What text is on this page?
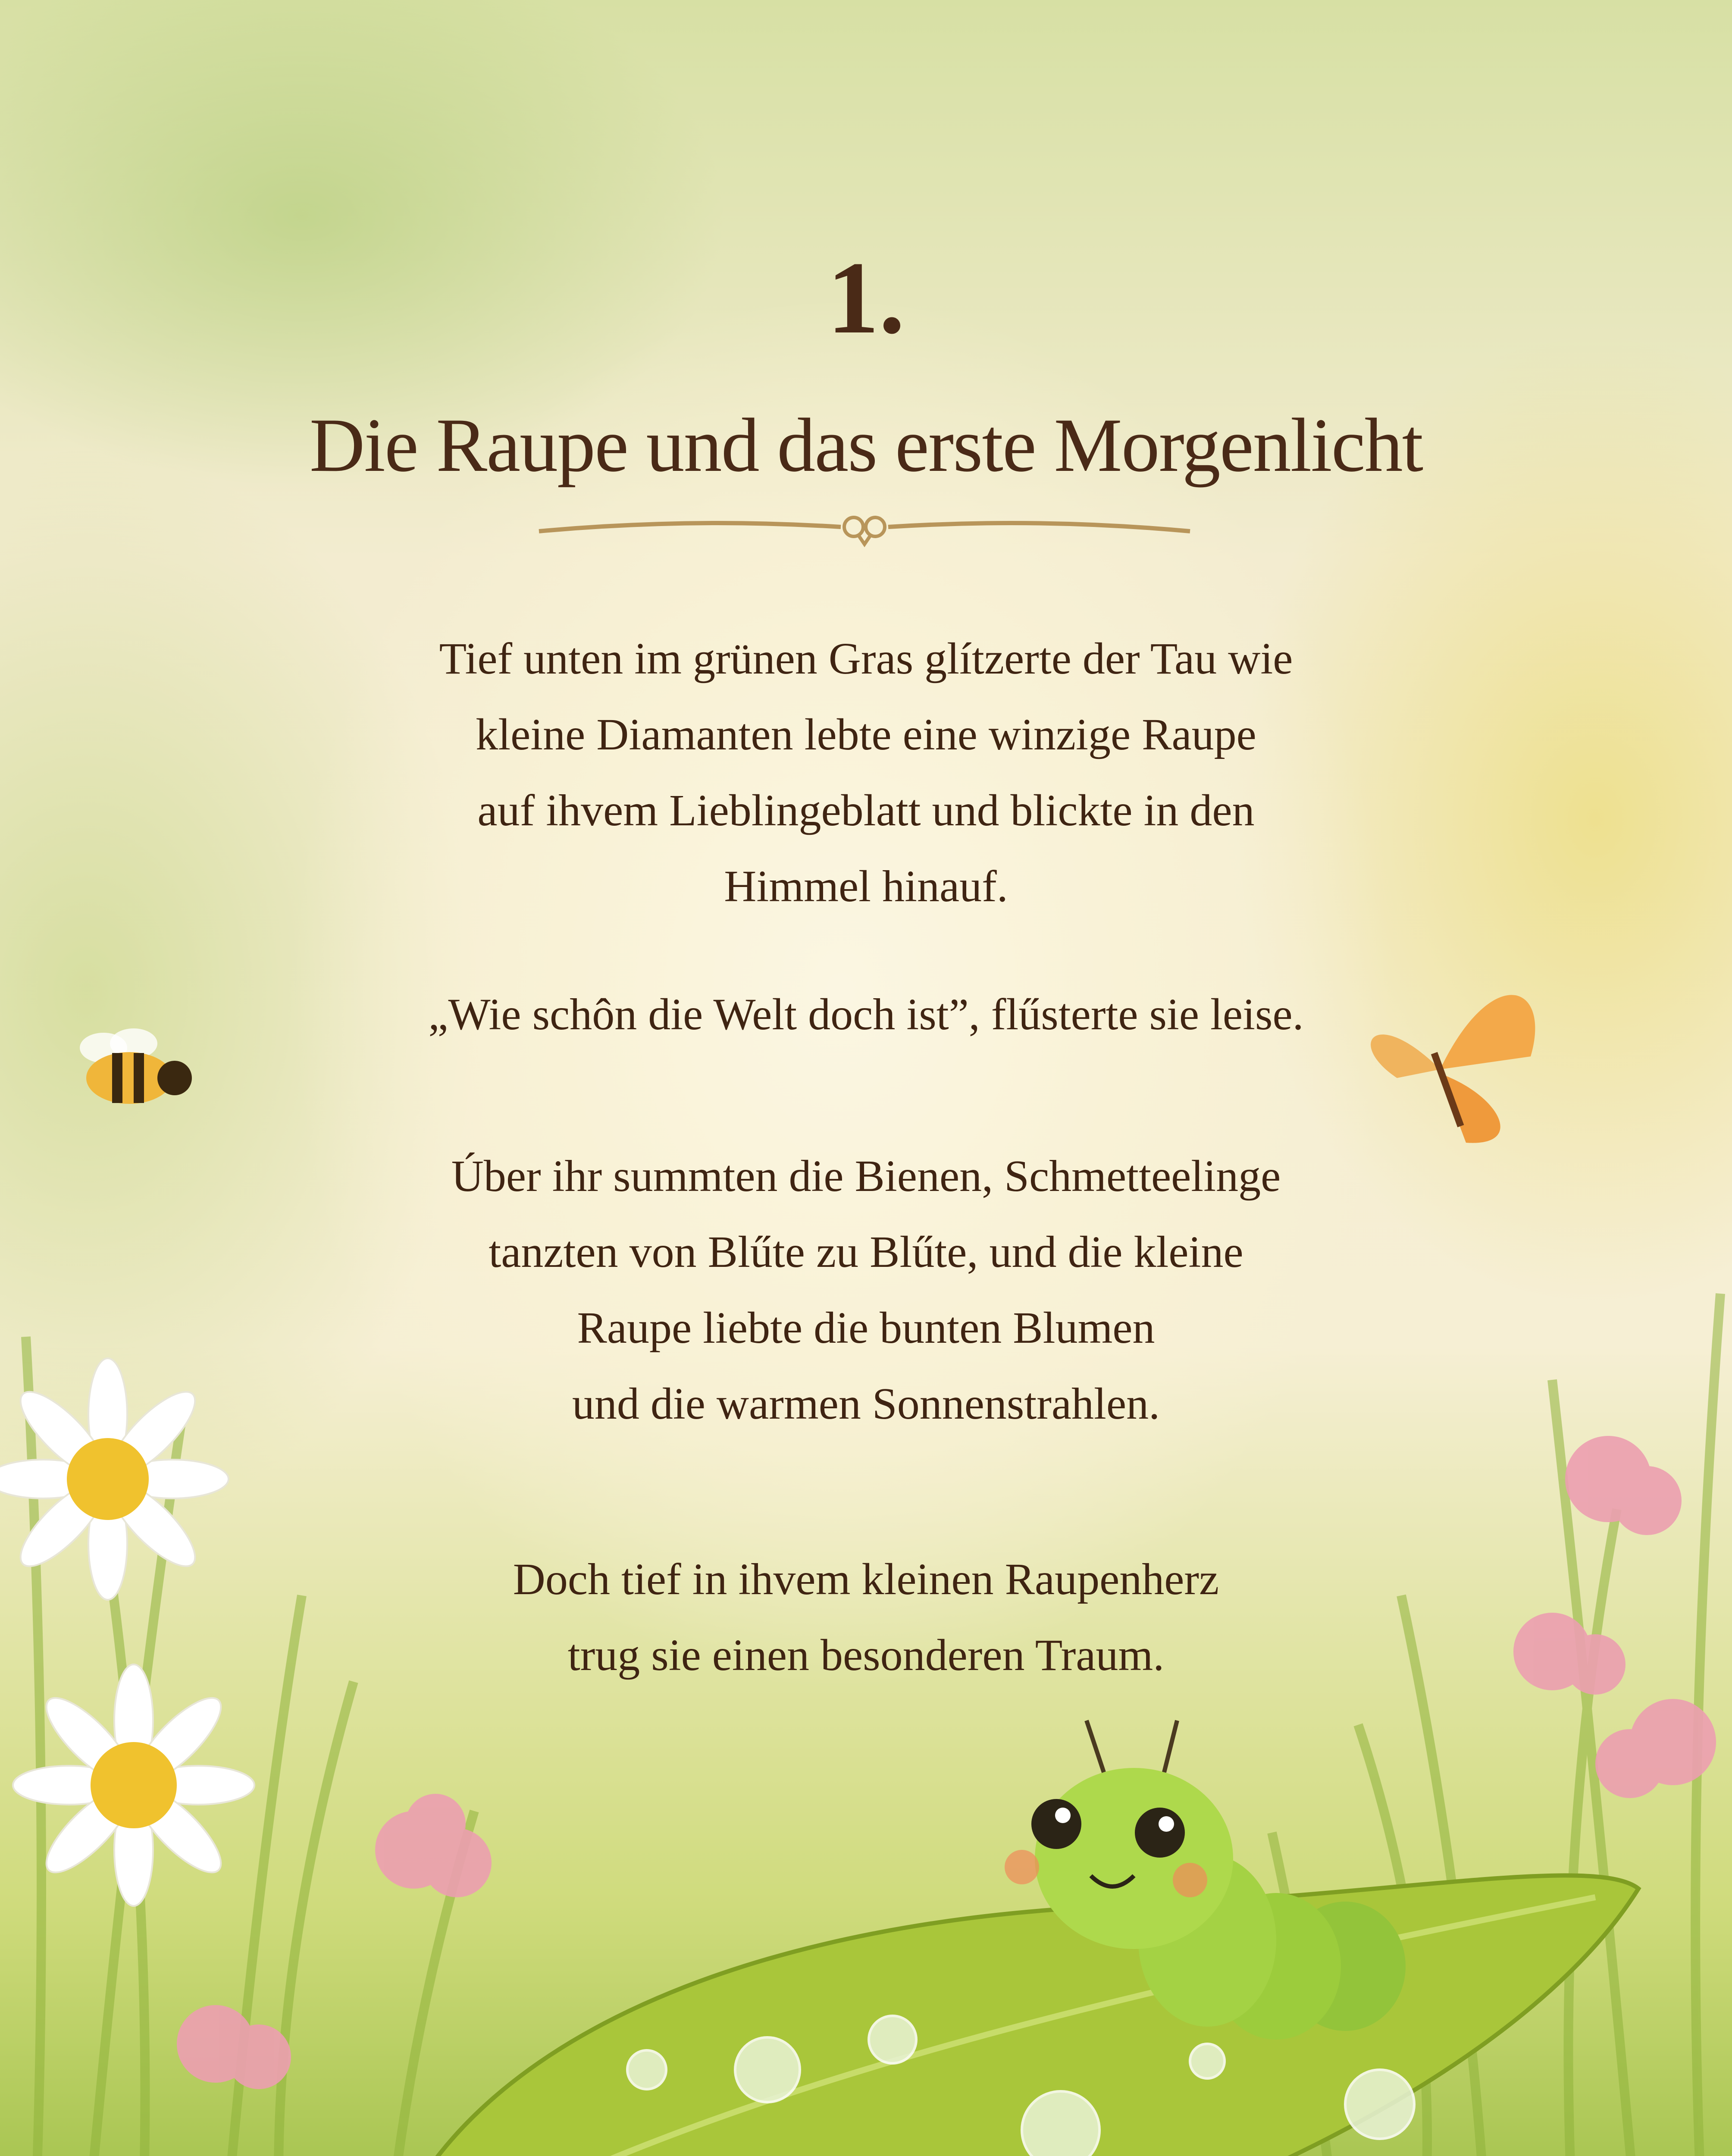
1.
Die Raupe und das erste Morgenlicht
Tief unten im grünen Gras glítzerte der Tau wie
kleine Diamanten lebte eine winzige Raupe
auf ihvem Lieblingeblatt und blickte in den
Himmel hinauf.
„Wie schôn die Welt doch ist”, flűsterte sie leise.
Úber ihr summten die Bienen, Schmetteelinge
tanzten von Blűte zu Blűte, und die kleine
Raupe liebte die bunten Blumen
und die warmen Sonnenstrahlen.
Doch tief in ihvem kleinen Raupenherz
trug sie einen besonderen Traum.
